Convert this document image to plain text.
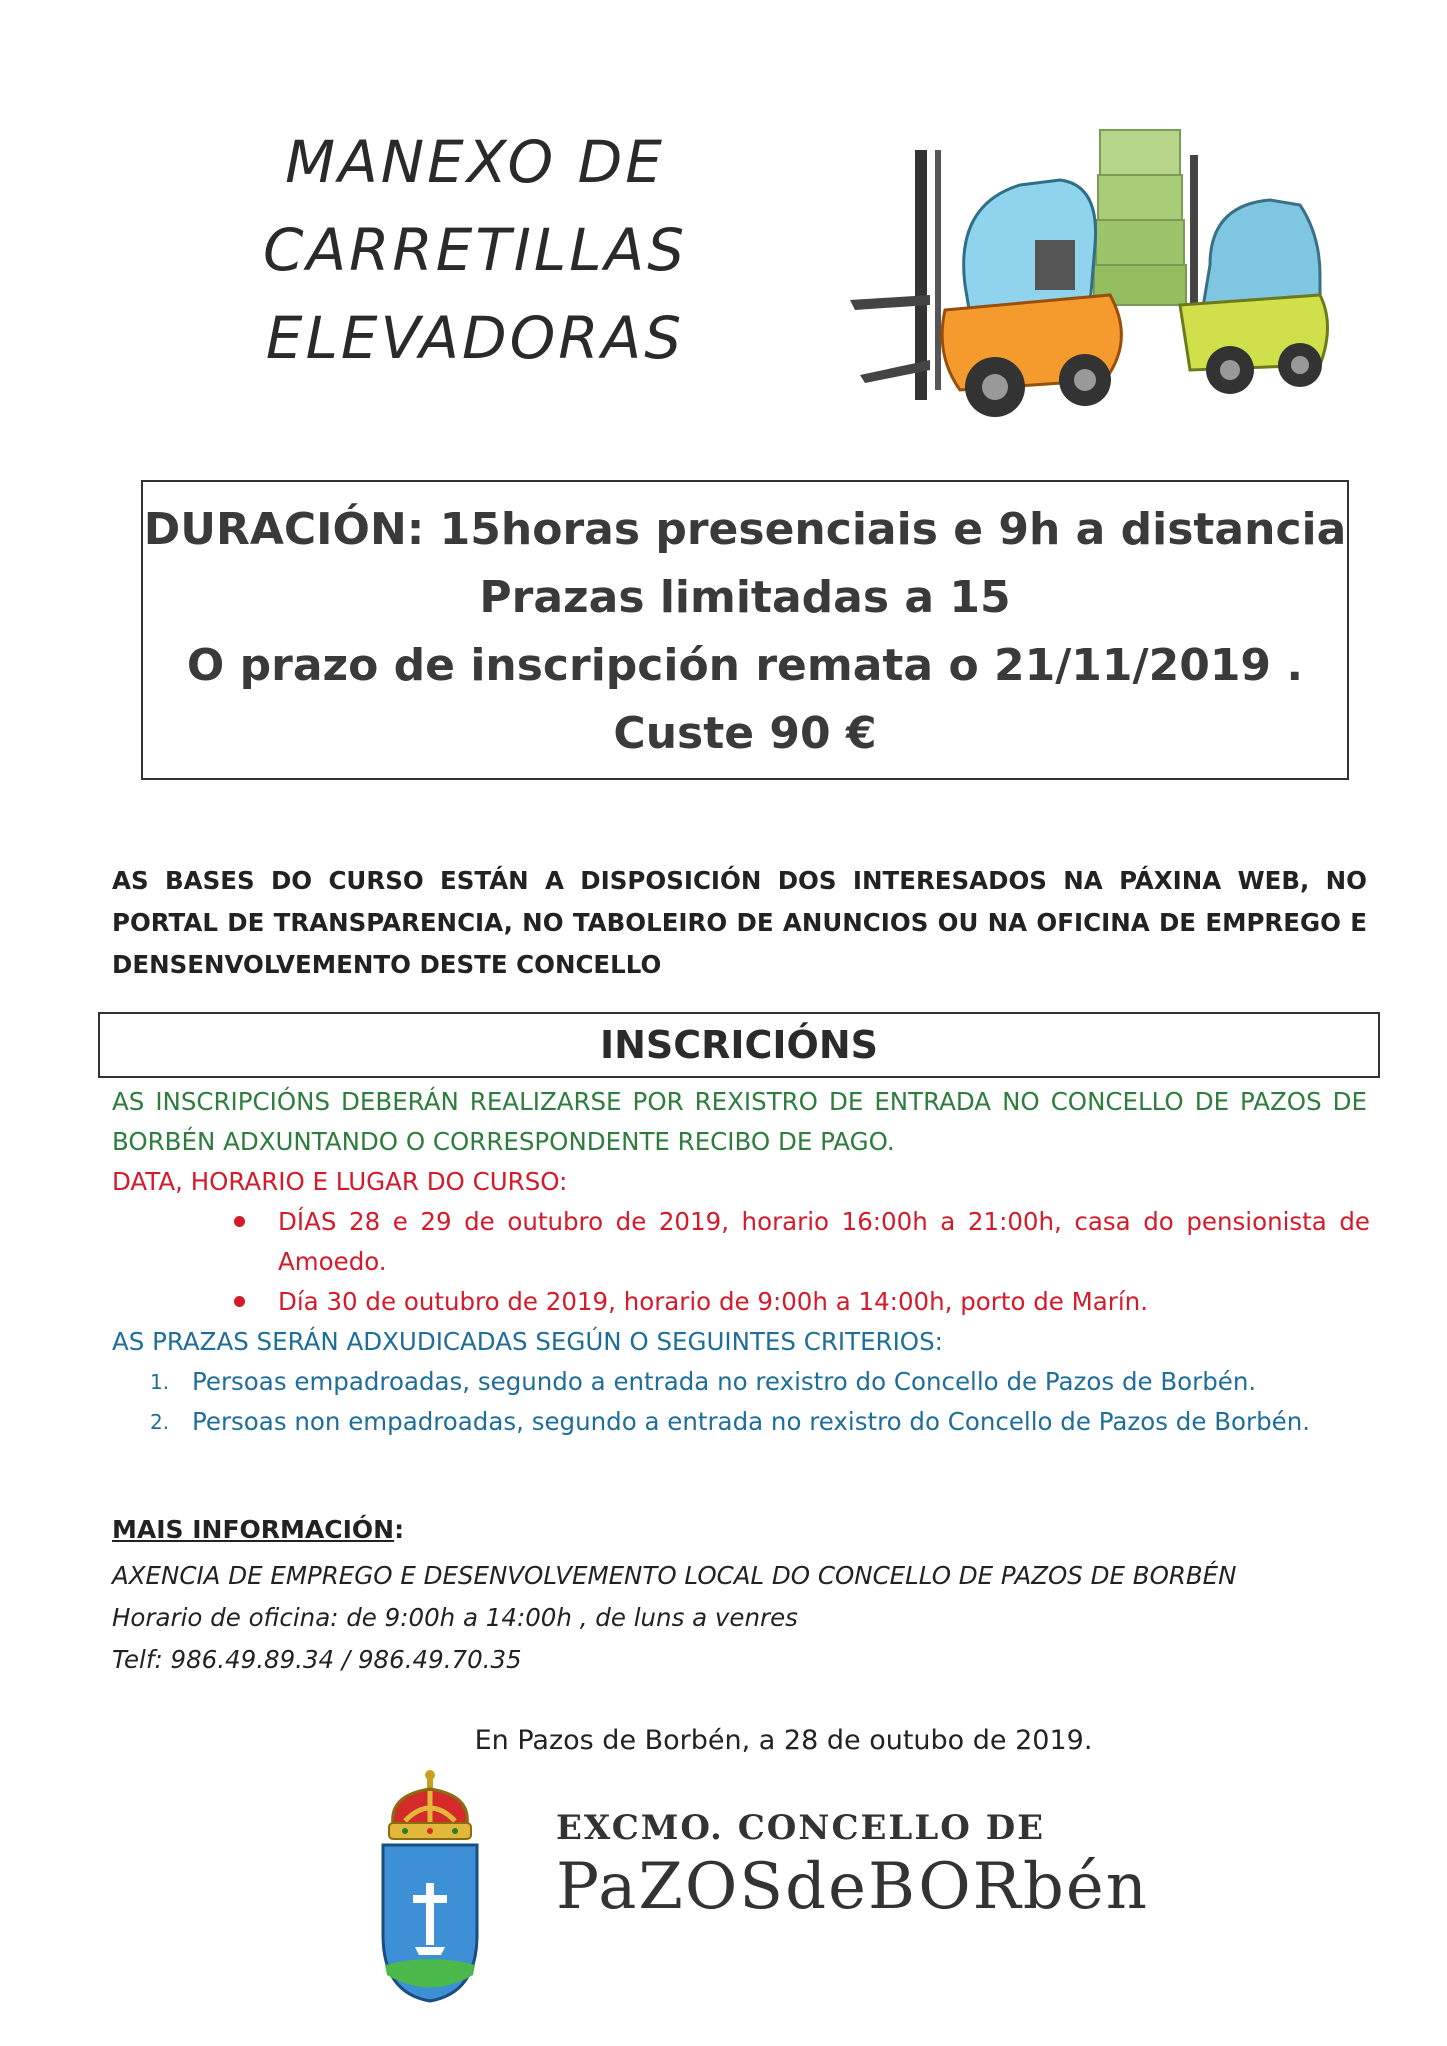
MANEXO DE
CARRETILLAS
ELEVADORAS
DURACIÓN: 15horas presenciais e 9h a distancia
Prazas limitadas a 15
O prazo de inscripción remata o 21/11/2019 .
Custe 90 €
AS BASES DO CURSO ESTÁN A DISPOSICIÓN DOS INTERESADOS NA PÁXINA WEB, NO PORTAL DE TRANSPARENCIA, NO TABOLEIRO DE ANUNCIOS OU NA OFICINA DE EMPREGO E DENSENVOLVEMENTO DESTE CONCELLO
INSCRICIÓNS
AS INSCRIPCIÓNS DEBERÁN REALIZARSE POR REXISTRO DE ENTRADA NO CONCELLO DE PAZOS DE BORBÉN ADXUNTANDO O CORRESPONDENTE RECIBO DE PAGO.
DATA, HORARIO E LUGAR DO CURSO:
DÍAS 28 e 29 de outubro de 2019, horario 16:00h a 21:00h, casa do pensionista de Amoedo.
Día 30 de outubro de 2019, horario de 9:00h a 14:00h, porto de Marín.
AS PRAZAS SERÁN ADXUDICADAS SEGÚN O SEGUINTES CRITERIOS:
1. Persoas empadroadas, segundo a entrada no rexistro do Concello de Pazos de Borbén.
2. Persoas non empadroadas, segundo a entrada no rexistro do Concello de Pazos de Borbén.
MAIS INFORMACIÓN:
AXENCIA DE EMPREGO E DESENVOLVEMENTO LOCAL DO CONCELLO DE PAZOS DE BORBÉN
Horario de oficina: de 9:00h a 14:00h , de luns a venres
Telf: 986.49.89.34 / 986.49.70.35
En Pazos de Borbén, a 28 de outubo de 2019.
EXCMO. CONCELLO DE
PaZOSdeBORbén
